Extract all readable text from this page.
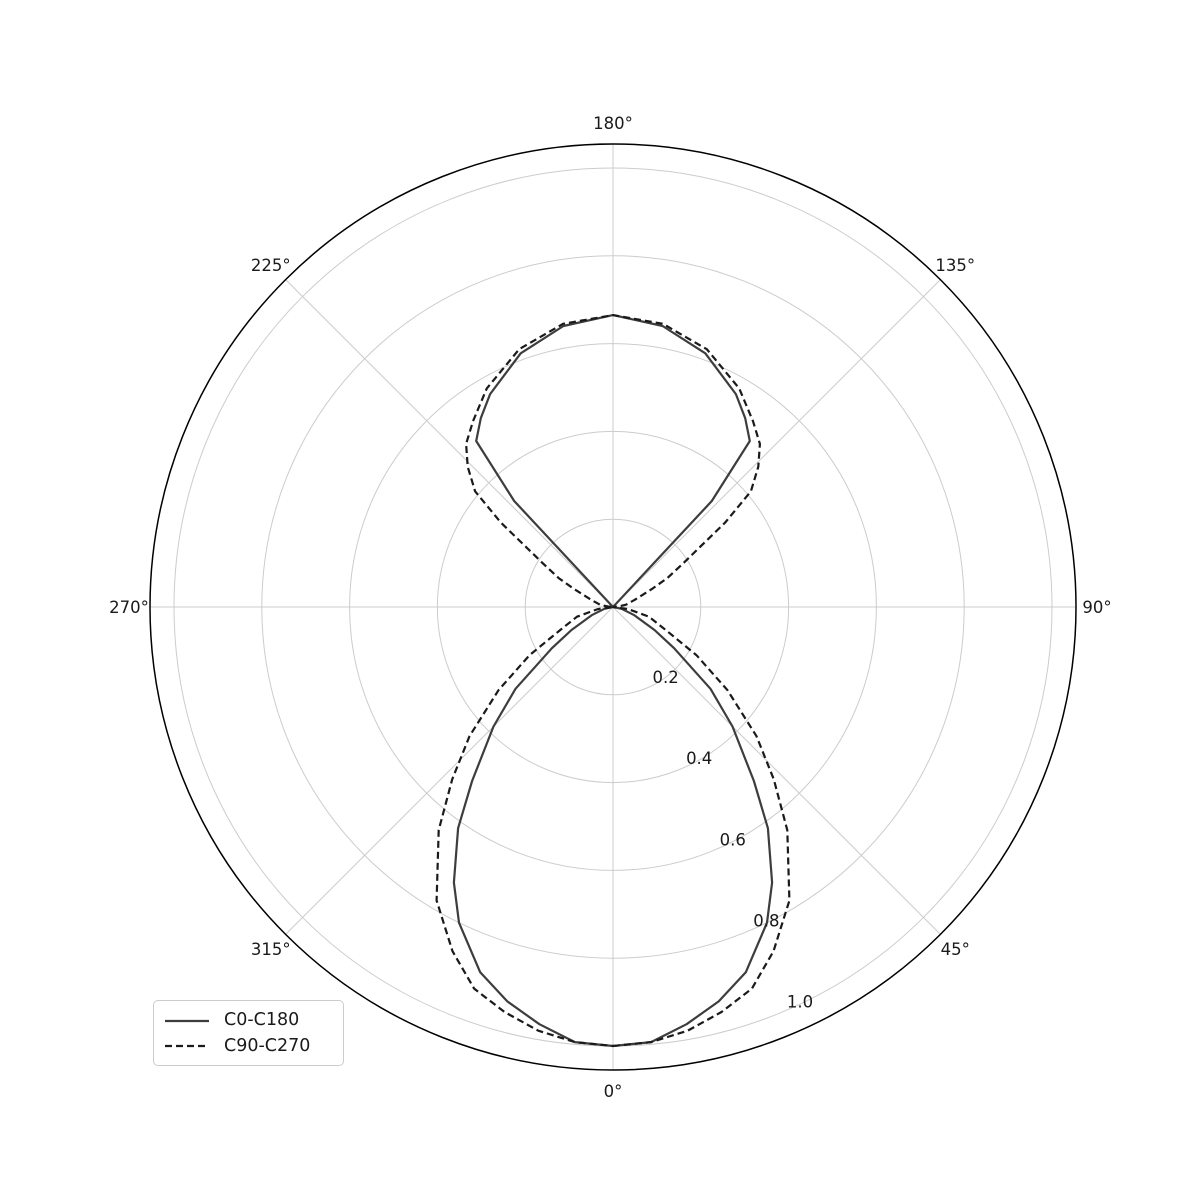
0.2
0.4
0.6
0.8
1.0
0°
45°
90°
135°
180°
225°
270°
315°
C0-C180
C90-C270
